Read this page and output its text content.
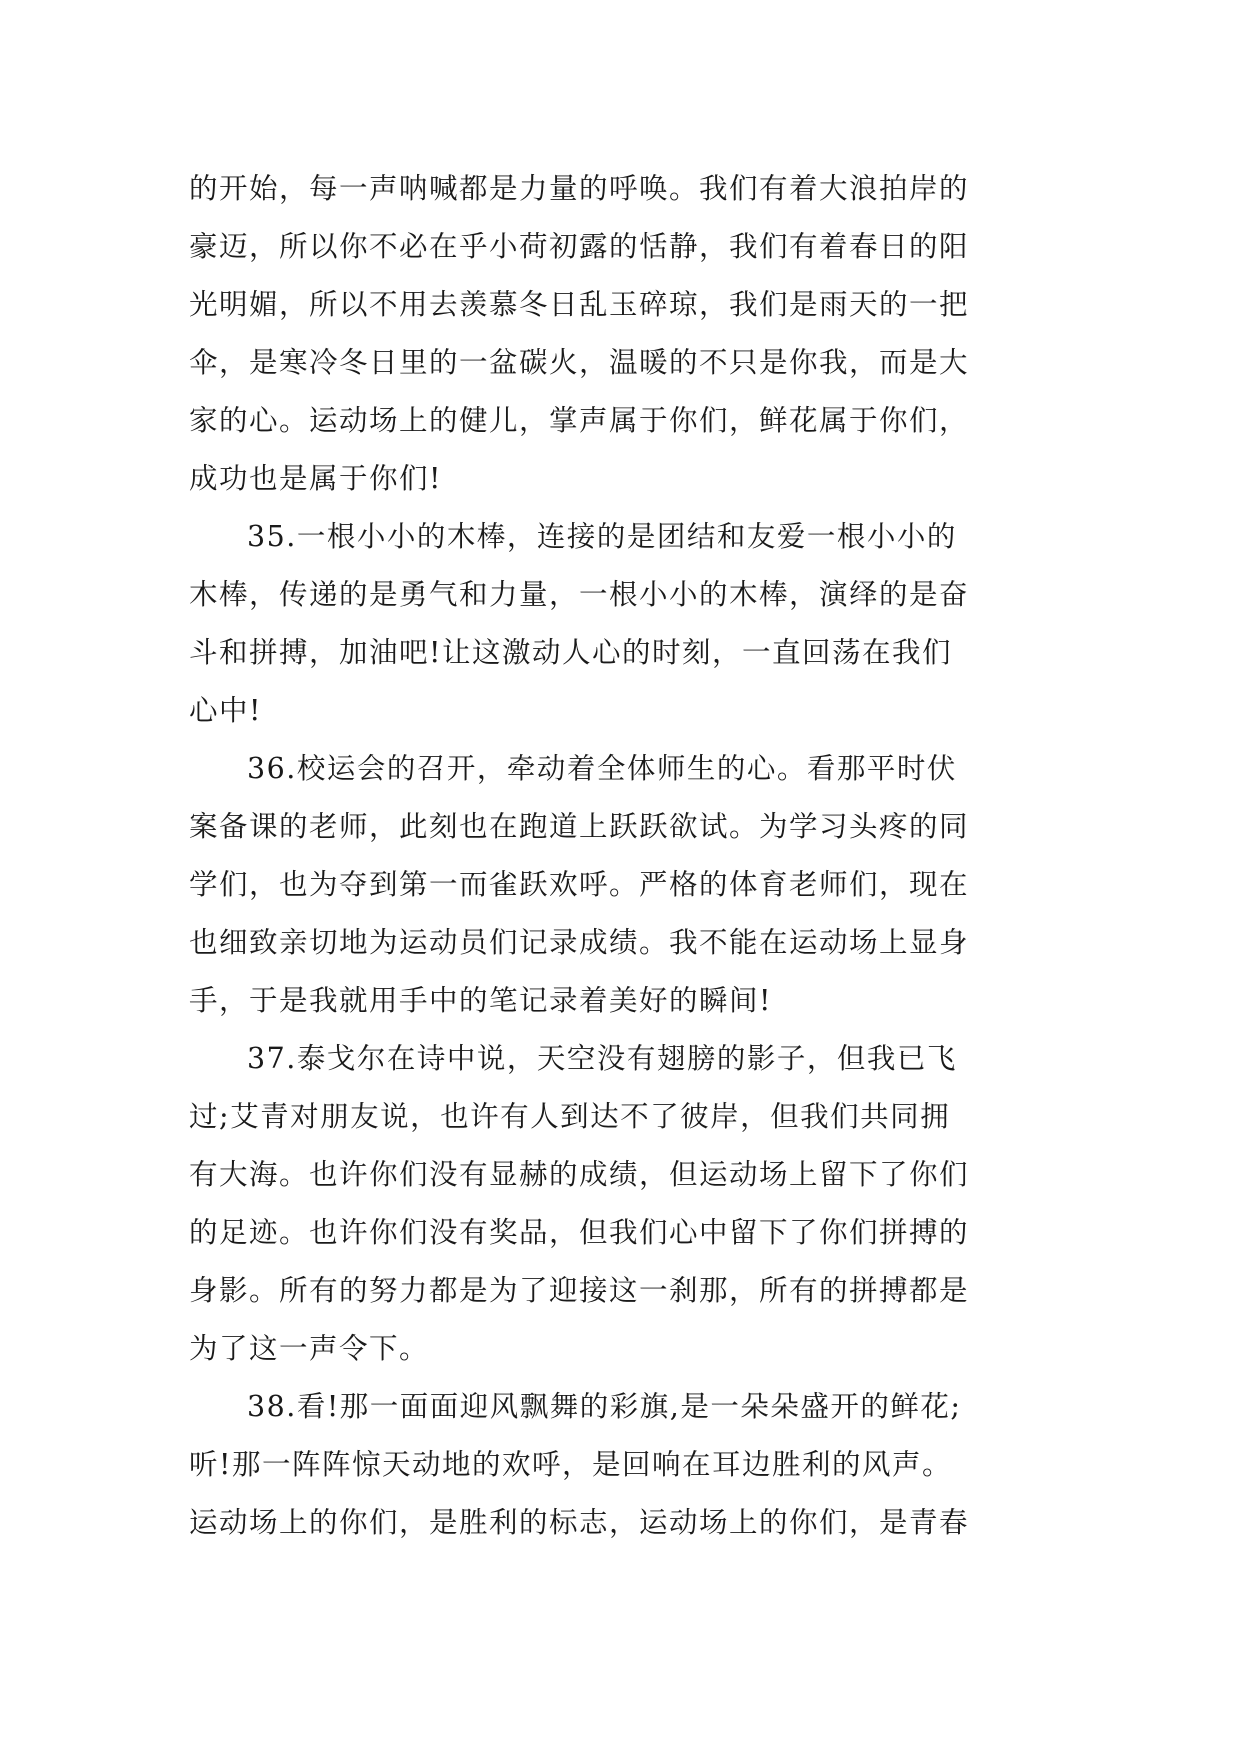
的开始，每一声呐喊都是力量的呼唤。我们有着大浪拍岸的
豪迈，所以你不必在乎小荷初露的恬静，我们有着春日的阳
光明媚，所以不用去羡慕冬日乱玉碎琼，我们是雨天的一把
伞，是寒冷冬日里的一盆碳火，温暖的不只是你我，而是大
家的心。运动场上的健儿，掌声属于你们，鲜花属于你们，
成功也是属于你们!
35.一根小小的木棒，连接的是团结和友爱一根小小的
木棒，传递的是勇气和力量，一根小小的木棒，演绎的是奋
斗和拼搏，加油吧!让这激动人心的时刻，一直回荡在我们
心中!
36.校运会的召开，牵动着全体师生的心。看那平时伏
案备课的老师，此刻也在跑道上跃跃欲试。为学习头疼的同
学们，也为夺到第一而雀跃欢呼。严格的体育老师们，现在
也细致亲切地为运动员们记录成绩。我不能在运动场上显身
手，于是我就用手中的笔记录着美好的瞬间!
37.泰戈尔在诗中说，天空没有翅膀的影子，但我已飞
过;艾青对朋友说，也许有人到达不了彼岸，但我们共同拥
有大海。也许你们没有显赫的成绩，但运动场上留下了你们
的足迹。也许你们没有奖品，但我们心中留下了你们拼搏的
身影。所有的努力都是为了迎接这一刹那，所有的拼搏都是
为了这一声令下。
38.看!那一面面迎风飘舞的彩旗,是一朵朵盛开的鲜花;
听!那一阵阵惊天动地的欢呼，是回响在耳边胜利的风声。
运动场上的你们，是胜利的标志，运动场上的你们，是青春
